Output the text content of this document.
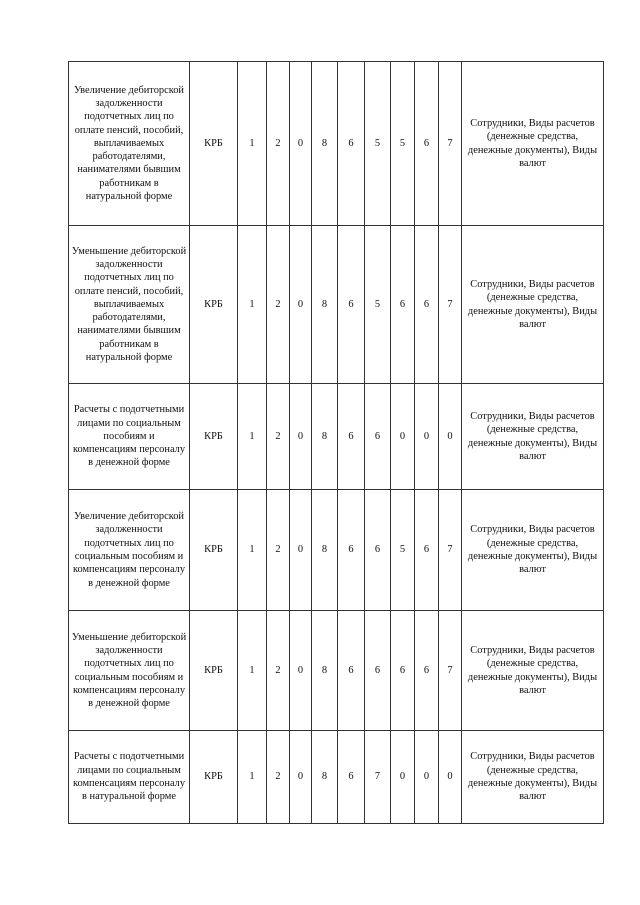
Увеличение дебиторской задолженности подотчетных лиц по оплате пенсий, пособий, выплачиваемых работодателями, нанимателями бывшим работникам в натуральной форме	КРБ	1	2	0	8	6	5	5	6	7	Сотрудники, Виды расчетов (денежные средства, денежные документы), Виды валют
Уменьшение дебиторской задолженности подотчетных лиц по оплате пенсий, пособий, выплачиваемых работодателями, нанимателями бывшим работникам в натуральной форме	КРБ	1	2	0	8	6	5	6	6	7	Сотрудники, Виды расчетов (денежные средства, денежные документы), Виды валют
Расчеты с подотчетными лицами по социальным пособиям и компенсациям персоналу в денежной форме	КРБ	1	2	0	8	6	6	0	0	0	Сотрудники, Виды расчетов (денежные средства, денежные документы), Виды валют
Увеличение дебиторской задолженности подотчетных лиц по социальным пособиям и компенсациям персоналу в денежной форме	КРБ	1	2	0	8	6	6	5	6	7	Сотрудники, Виды расчетов (денежные средства, денежные документы), Виды валют
Уменьшение дебиторской задолженности подотчетных лиц по социальным пособиям и компенсациям персоналу в денежной форме	КРБ	1	2	0	8	6	6	6	6	7	Сотрудники, Виды расчетов (денежные средства, денежные документы), Виды валют
Расчеты с подотчетными лицами по социальным компенсациям персоналу в натуральной форме	КРБ	1	2	0	8	6	7	0	0	0	Сотрудники, Виды расчетов (денежные средства, денежные документы), Виды валют
